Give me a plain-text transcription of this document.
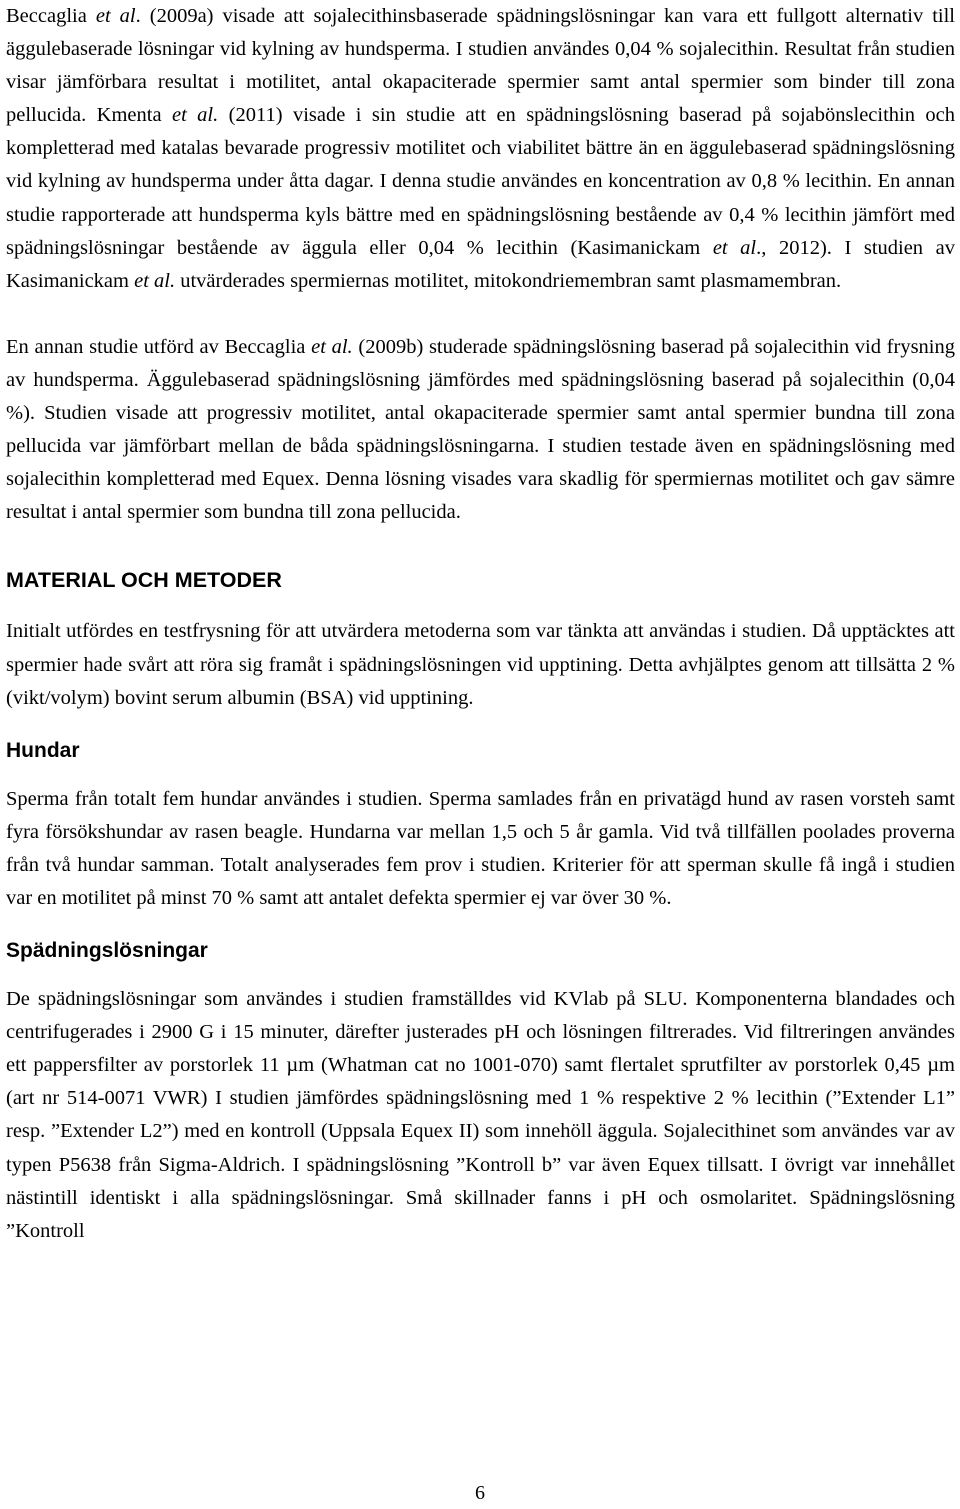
Beccaglia et al. (2009a) visade att sojalecithinsbaserade spädningslösningar kan vara ett fullgott alternativ till äggulebaserade lösningar vid kylning av hundsperma. I studien användes 0,04 % sojalecithin. Resultat från studien visar jämförbara resultat i motilitet, antal okapaciterade spermier samt antal spermier som binder till zona pellucida. Kmenta et al. (2011) visade i sin studie att en spädningslösning baserad på sojabönslecithin och kompletterad med katalas bevarade progressiv motilitet och viabilitet bättre än en äggulebaserad spädningslösning vid kylning av hundsperma under åtta dagar. I denna studie användes en koncentration av 0,8 % lecithin. En annan studie rapporterade att hundsperma kyls bättre med en spädningslösning bestående av 0,4 % lecithin jämfört med spädningslösningar bestående av äggula eller 0,04 % lecithin (Kasimanickam et al., 2012). I studien av Kasimanickam et al. utvärderades spermiernas motilitet, mitokondriemembran samt plasmamembran.

En annan studie utförd av Beccaglia et al. (2009b) studerade spädningslösning baserad på sojalecithin vid frysning av hundsperma. Äggulebaserad spädningslösning jämfördes med spädningslösning baserad på sojalecithin (0,04 %). Studien visade att progressiv motilitet, antal okapaciterade spermier samt antal spermier bundna till zona pellucida var jämförbart mellan de båda spädningslösningarna. I studien testade även en spädningslösning med sojalecithin kompletterad med Equex. Denna lösning visades vara skadlig för spermiernas motilitet och gav sämre resultat i antal spermier som bundna till zona pellucida.

MATERIAL OCH METODER

Initialt utfördes en testfrysning för att utvärdera metoderna som var tänkta att användas i studien. Då upptäcktes att spermier hade svårt att röra sig framåt i spädningslösningen vid upptining. Detta avhjälptes genom att tillsätta 2 % (vikt/volym) bovint serum albumin (BSA) vid upptining.

Hundar

Sperma från totalt fem hundar användes i studien. Sperma samlades från en privatägd hund av rasen vorsteh samt fyra försökshundar av rasen beagle. Hundarna var mellan 1,5 och 5 år gamla. Vid två tillfällen poolades proverna från två hundar samman. Totalt analyserades fem prov i studien. Kriterier för att sperman skulle få ingå i studien var en motilitet på minst 70 % samt att antalet defekta spermier ej var över 30 %.

Spädningslösningar

De spädningslösningar som användes i studien framställdes vid KVlab på SLU. Komponenterna blandades och centrifugerades i 2900 G i 15 minuter, därefter justerades pH och lösningen filtrerades. Vid filtreringen användes ett pappersfilter av porstorlek 11 µm (Whatman cat no 1001-070) samt flertalet sprutfilter av porstorlek 0,45 µm (art nr 514-0071 VWR) I studien jämfördes spädningslösning med 1 % respektive 2 % lecithin (”Extender L1” resp. ”Extender L2”) med en kontroll (Uppsala Equex II) som innehöll äggula. Sojalecithinet som användes var av typen P5638 från Sigma-Aldrich. I spädningslösning ”Kontroll b” var även Equex tillsatt. I övrigt var innehållet nästintill identiskt i alla spädningslösningar. Små skillnader fanns i pH och osmolaritet. Spädningslösning ”Kontroll

6
